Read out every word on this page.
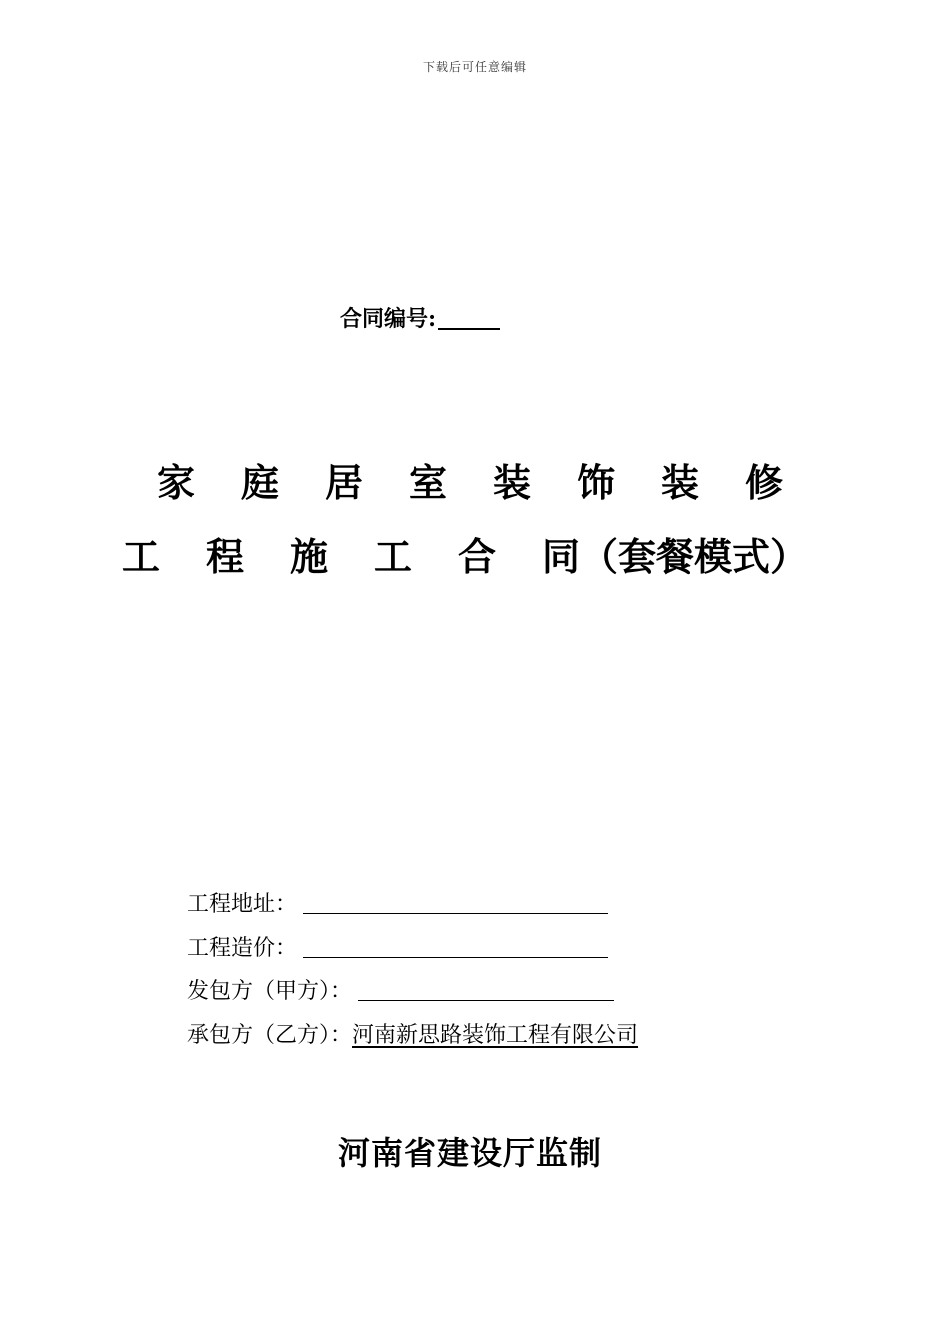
下载后可任意编辑
合同编号:
家庭居室装饰装修
工程施工合同（套餐模式）
工程地址：
工程造价：
发包方（甲方）：
承包方（乙方）：河南新思路装饰工程有限公司
河南省建设厅监制
